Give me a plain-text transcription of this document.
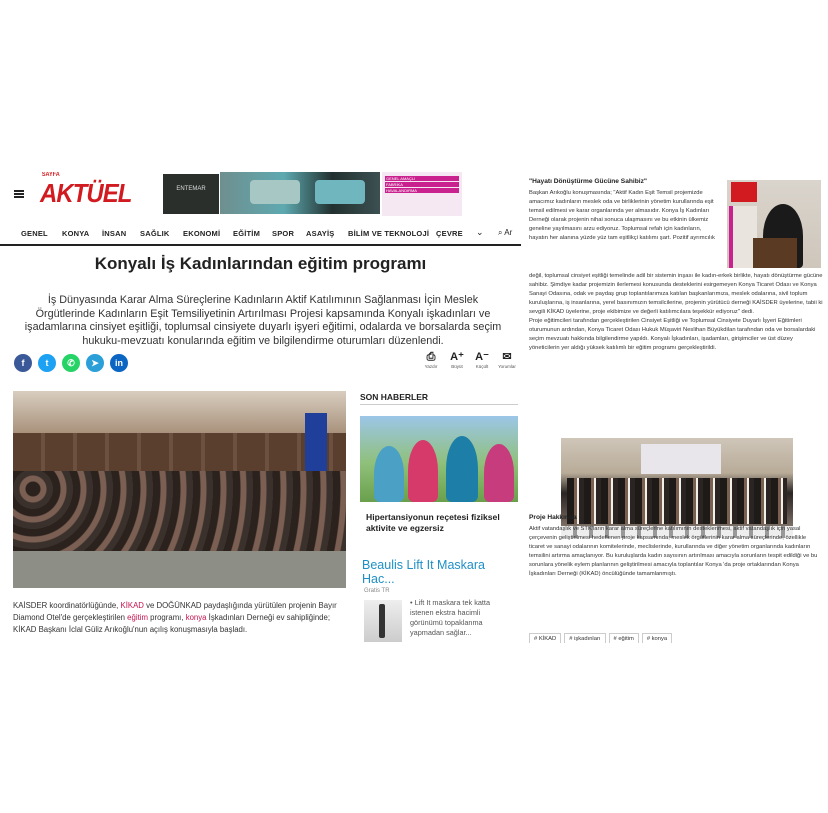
SAYFA
AKTÜEL	ENTEMAR
GENEL AMAÇLI
FABRİKA
HAVALANDIRMA
GENEL KONYA İNSAN SAĞLIK EKONOMİ EĞİTİM SPOR ASAYİŞ BİLİM VE TEKNOLOJİ ÇEVRE ⌄ ⌕ Ar
Konyalı İş Kadınlarından eğitim programı

İş Dünyasında Karar Alma Süreçlerine Kadınların Aktif Katılımının Sağlanması İçin Meslek Örgütlerinde Kadınların Eşit Temsiliyetinin Artırılması Projesi kapsamında Konyalı işkadınları ve işadamlarına cinsiyet eşitliği, toplumsal cinsiyete duyarlı işyeri eğitimi, odalarda ve borsalarda seçim hukuku-mevzuatı konularında eğitim ve bilgilendirme oturumları düzenlendi.

f	t	✆	➤	in	⎙
Yazdır
A⁺
Büyüt
A⁻
Küçült
✉
Yorumlar

KAİSDER koordinatörlüğünde, KİKAD ve DOĞÜNKAD paydaşlığında yürütülen projenin Bayır Diamond Otel'de gerçekleştirilen eğitim programı, konya İşkadınları Derneği ev sahipliğinde; KİKAD Başkanı İclal Güliz Arıkoğlu'nun açılış konuşmasıyla başladı.

SON HABERLER
Hipertansiyonun reçetesi fiziksel aktivite ve egzersiz
Beaulis Lift It Maskara Hac...
Gratis TR
• Lift It maskara tek katta istenen ekstra hacimli görünümü topaklanma yapmadan sağlar...
"Hayatı Dönüştürme Gücüne Sahibiz"
Başkan Arıkoğlu konuşmasında; "Aktif Kadın Eşit Temsil projemizde amacımız kadınların meslek oda ve birliklerinin yönetim kurullarında eşit temsil edilmesi ve karar organlarında yer almasıdır. Konya İş Kadınları Derneği olarak projenin nihai sonuca ulaşmasını ve bu etkinin ülkemiz geneline yayılmasını arzu ediyoruz. Toplumsal refah için kadınların, hayatın her alanına yüzde yüz tam eşitlikçi katılımı şart. Pozitif ayrımcılık
değil, toplumsal cinsiyet eşitliği temelinde adil bir sistemin inşası ile kadın-erkek birlikte, hayatı dönüştürme gücüne sahibiz. Şimdiye kadar projemizin ilerlemesi konusunda desteklerini esirgemeyen Konya Ticaret Odası ve Konya Sanayi Odasına, odak ve paydaş grup toplantılarımıza katılan başkanlarımıza, meslek odalarına, sivil toplum kuruluşlarına, iş insanlarına, yerel basınımızın temsilcilerine, projenin yürütücü derneği KAİSDER üyelerine, tabii ki sevgili KİKAD üyelerine, proje ekibimize ve değerli katılımcılara teşekkür ediyoruz" dedi.
Proje eğitimcileri tarafından gerçekleştirilen Cinsiyet Eşitliği ve Toplumsal Cinsiyete Duyarlı İşyeri Eğitimleri oturumunun ardından, Konya Ticaret Odası Hukuk Müşaviri Neslihan Büyükdilan tarafından oda ve borsalardaki seçim mevzuatı hakkında bilgilendirme yapıldı. Konyalı İşkadınları, işadamları, girişimciler ve üst düzey yöneticilerin yer aldığı yüksek katılımlı bir eğitim programı gerçekleştirildi.
Proje Hakkında
Aktif vatandaşlık ve STK'ların karar alma süreçlerine katılımının desteklenmesi, aktif vatandaşlık için yasal çerçevenin geliştirilmesi hedeflenen proje kapsamında; meslek örgütlerinin karar alma süreçlerinde, özellikle ticaret ve sanayi odalarının komitelerinde, meclislerinde, kurullarında ve diğer yönetim organlarında kadınların temsilini artırma amaçlanıyor. Bu kuruluşlarda kadın sayısının artırılması amacıyla sorunların tespit edildiği ve bu sorunlara yönelik eylem planlarının geliştirilmesi amacıyla toplantılar Konya 'da proje ortaklarından Konya İşkadınları Derneği (KİKAD) öncülüğünde tamamlanmıştı.
# KİKAD # işkadınları # eğitim # konya
